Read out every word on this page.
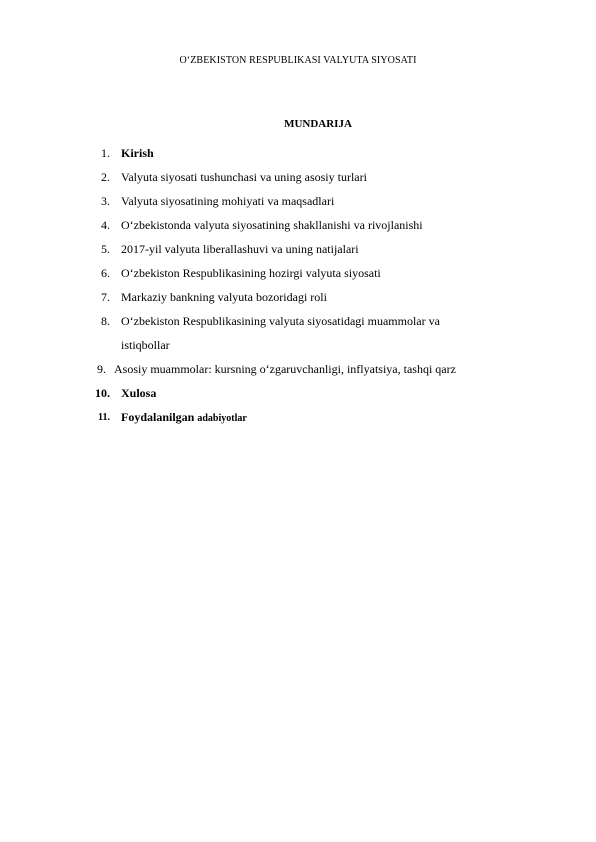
O‘ZBEKISTON RESPUBLIKASI VALYUTA SIYOSATI
MUNDARIJA
1. Kirish
2. Valyuta siyosati tushunchasi va uning asosiy turlari
3. Valyuta siyosatining mohiyati va maqsadlari
4. O‘zbekistonda valyuta siyosatining shakllanishi va rivojlanishi
5. 2017-yil valyuta liberallashuvi va uning natijalari
6. O‘zbekiston Respublikasining hozirgi valyuta siyosati
7. Markaziy bankning valyuta bozoridagi roli
8. O‘zbekiston Respublikasining valyuta siyosatidagi muammolar va
istiqbollar
9. Asosiy muammolar: kursning o‘zgaruvchanligi, inflyatsiya, tashqi qarz
10. Xulosa
11. Foydalanilgan adabiyotlar
